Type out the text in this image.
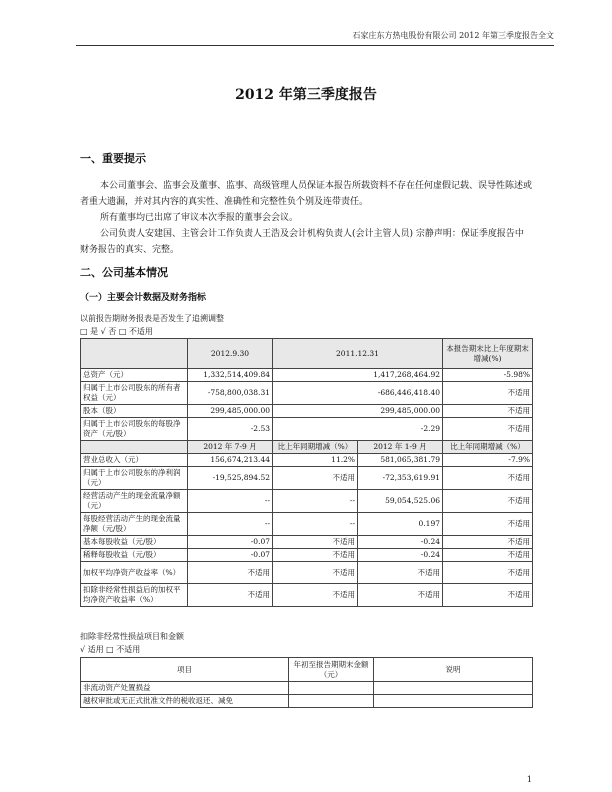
石家庄东方热电股份有限公司 2012 年第三季度报告全文
2012 年第三季度报告
一、重要提示
本公司董事会、监事会及董事、监事、高级管理人员保证本报告所载资料不存在任何虚假记载、误导性陈述或者重大遗漏，并对其内容的真实性、准确性和完整性负个别及连带责任。
所有董事均已出席了审议本次季报的董事会会议。
公司负责人安建国、主管会计工作负责人王浩及会计机构负责人(会计主管人员) 宗静声明：保证季度报告中财务报告的真实、完整。
二、公司基本情况
（一）主要会计数据及财务指标
以前报告期财务报表是否发生了追溯调整
□ 是 √ 否 □ 不适用
	2012.9.30	2011.12.31		本报告期末比上年度期末增减(%)
总资产（元）	1,332,514,409.84	1,417,268,464.92		-5.98%
归属于上市公司股东的所有者权益（元）	-758,800,038.31	-686,446,418.40		不适用
股本（股）	299,485,000.00	299,485,000.00		不适用
归属于上市公司股东的每股净资产（元/股）	-2.53	-2.29		不适用
	2012 年 7-9 月	比上年同期增减（%）	2012 年 1-9 月	比上年同期增减（%）
营业总收入（元）	156,674,213.44	11.2%	581,065,381.79	-7.9%
归属于上市公司股东的净利润（元）	-19,525,894.52	不适用	-72,353,619.91	不适用
经营活动产生的现金流量净额（元）	--	--	59,054,525.06	不适用
每股经营活动产生的现金流量净额（元/股）	--	--	0.197	不适用
基本每股收益（元/股）	-0.07	不适用	-0.24	不适用
稀释每股收益（元/股）	-0.07	不适用	-0.24	不适用
加权平均净资产收益率（%）	不适用	不适用	不适用	不适用
扣除非经常性损益后的加权平均净资产收益率（%）	不适用	不适用	不适用	不适用
扣除非经常性损益项目和金额
√ 适用 □ 不适用
项目	年初至报告期期末金额（元）	说明
非流动资产处置损益		
越权审批或无正式批准文件的税收返还、减免		
1
